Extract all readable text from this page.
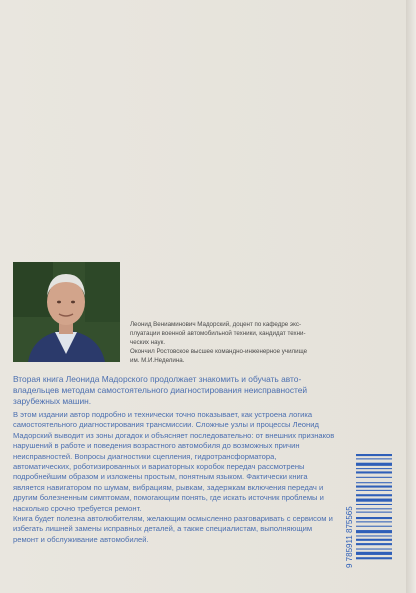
Леонид Вениаминович Мадорский, доцент по кафедре экс-

плуатации военной автомобильной техники, кандидат техни-

ческих наук.

Окончил Ростовское высшее командно-инженерное училище

им. М.И.Неделина.

Вторая книга Леонида Мадорского продолжает знакомить и обучать авто-владельцев методам самостоятельного диагностирования неисправностей зарубежных машин.

В этом издании автор подробно и технически точно показывает, как устроена логика самостоятельного диагностирования трансмиссии. Сложные узлы и процессы Леонид Мадорский выводит из зоны догадок и объясняет последовательно: от внешних признаков нарушений в работе и поведения возрастного автомобиля до возможных причин неисправностей. Вопросы диагностики сцепления, гидротрансформатора, автоматических, роботизированных и вариаторных коробок передач рассмотрены подробнейшим образом и изложены простым, понятным языком. Фактически книга является навигатором по шумам, вибрациям, рывкам, задержкам включения передач и другим болезненным симптомам, помогающим понять, где искать источник проблемы и насколько срочно требуется ремонт.

Книга будет полезна автолюбителям, желающим осмысленно разговаривать с сервисом и избегать лишней замены исправных деталей, а также специалистам, выполняющим ремонт и обслуживание автомобилей.	9 785911 875565
